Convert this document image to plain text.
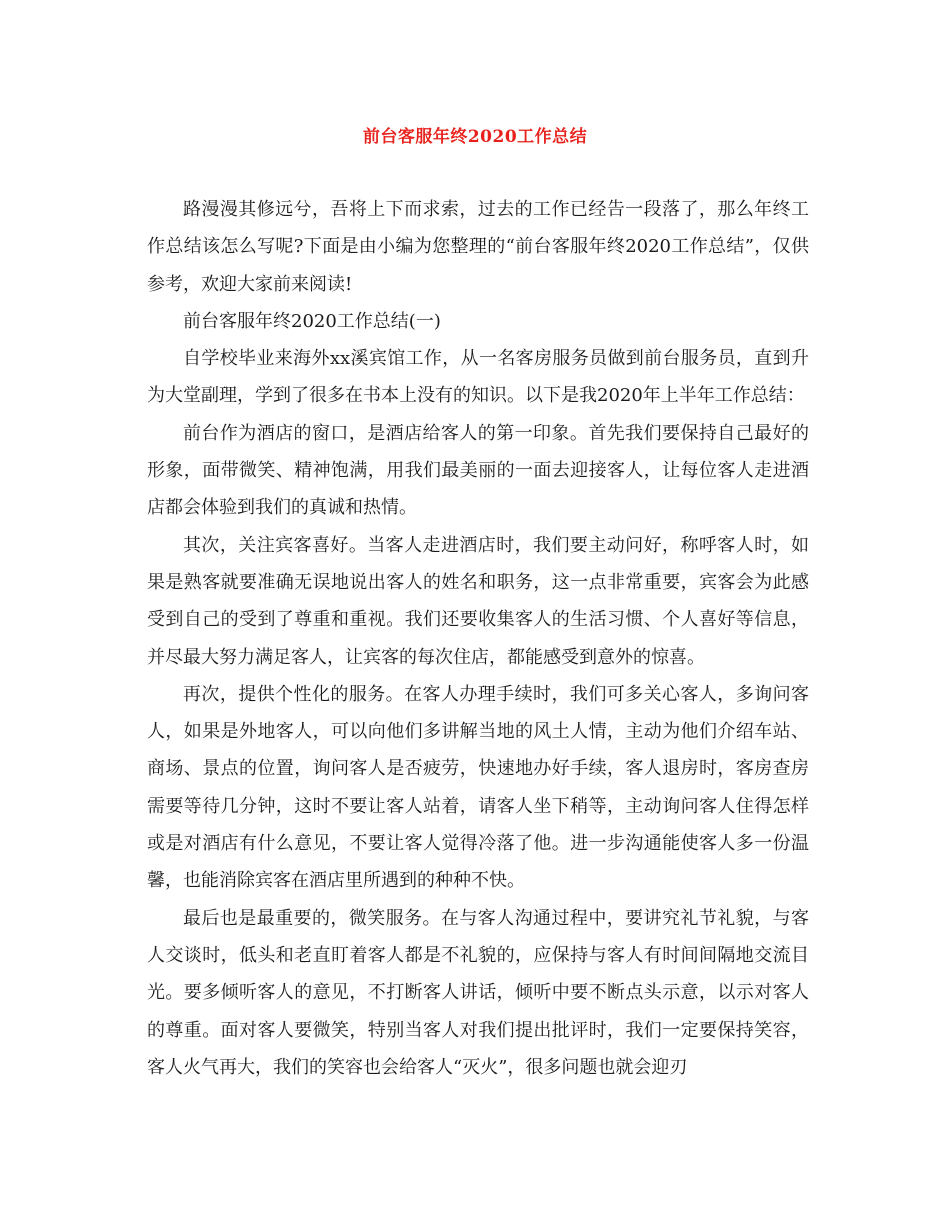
前台客服年终2020工作总结

路漫漫其修远兮，吾将上下而求索，过去的工作已经告一段落了，那么年终工作总结该怎么写呢?下面是由小编为您整理的“前台客服年终2020工作总结”，仅供参考，欢迎大家前来阅读!

前台客服年终2020工作总结(一)

自学校毕业来海外xx溪宾馆工作，从一名客房服务员做到前台服务员，直到升为大堂副理，学到了很多在书本上没有的知识。以下是我2020年上半年工作总结：

前台作为酒店的窗口，是酒店给客人的第一印象。首先我们要保持自己最好的形象，面带微笑、精神饱满，用我们最美丽的一面去迎接客人，让每位客人走进酒店都会体验到我们的真诚和热情。

其次，关注宾客喜好。当客人走进酒店时，我们要主动问好，称呼客人时，如果是熟客就要准确无误地说出客人的姓名和职务，这一点非常重要，宾客会为此感受到自己的受到了尊重和重视。我们还要收集客人的生活习惯、个人喜好等信息，并尽最大努力满足客人，让宾客的每次住店，都能感受到意外的惊喜。

再次，提供个性化的服务。在客人办理手续时，我们可多关心客人，多询问客人，如果是外地客人，可以向他们多讲解当地的风土人情，主动为他们介绍车站、商场、景点的位置，询问客人是否疲劳，快速地办好手续，客人退房时，客房查房需要等待几分钟，这时不要让客人站着，请客人坐下稍等，主动询问客人住得怎样或是对酒店有什么意见，不要让客人觉得冷落了他。进一步沟通能使客人多一份温馨，也能消除宾客在酒店里所遇到的种种不快。

最后也是最重要的，微笑服务。在与客人沟通过程中，要讲究礼节礼貌，与客人交谈时，低头和老直盯着客人都是不礼貌的，应保持与客人有时间间隔地交流目光。要多倾听客人的意见，不打断客人讲话，倾听中要不断点头示意，以示对客人的尊重。面对客人要微笑，特别当客人对我们提出批评时，我们一定要保持笑容，客人火气再大，我们的笑容也会给客人“灭火”，很多问题也就会迎刃
